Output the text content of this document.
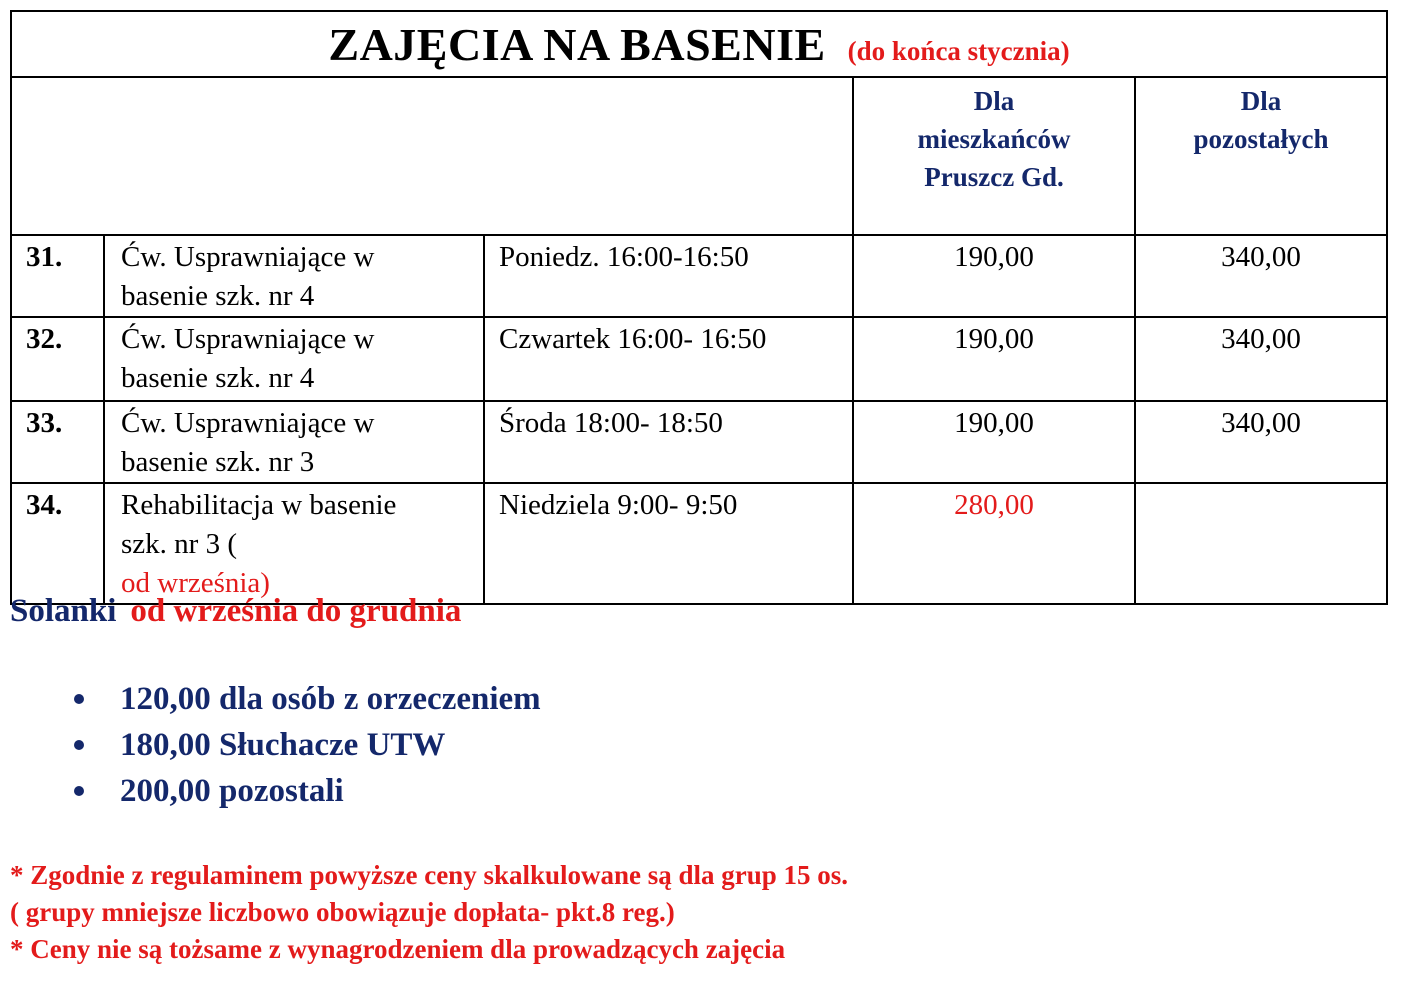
ZAJĘCIA NA BASENIE (do końca stycznia)				

			Dla
mieszkańców
Pruszcz Gd.	Dla
pozostałych

31.	Ćw. Usprawniające w
basenie szk. nr 4	Poniedz. 16:00-16:50	190,00	340,00
32.	Ćw. Usprawniające w
basenie szk. nr 4	Czwartek 16:00- 16:50	190,00	340,00
33.	Ćw. Usprawniające w
basenie szk. nr 3	Środa 18:00- 18:50	190,00	340,00
34.	Rehabilitacja w basenie
szk. nr 3 (
od września)	Niedziela 9:00- 9:50	280,00	
Solanki od września do grudnia
120,00 dla osób z orzeczeniem
180,00 Słuchacze UTW
200,00 pozostali
* Zgodnie z regulaminem powyższe ceny skalkulowane są dla grup 15 os.
( grupy mniejsze liczbowo obowiązuje dopłata- pkt.8 reg.)
* Ceny nie są tożsame z wynagrodzeniem dla prowadzących zajęcia
